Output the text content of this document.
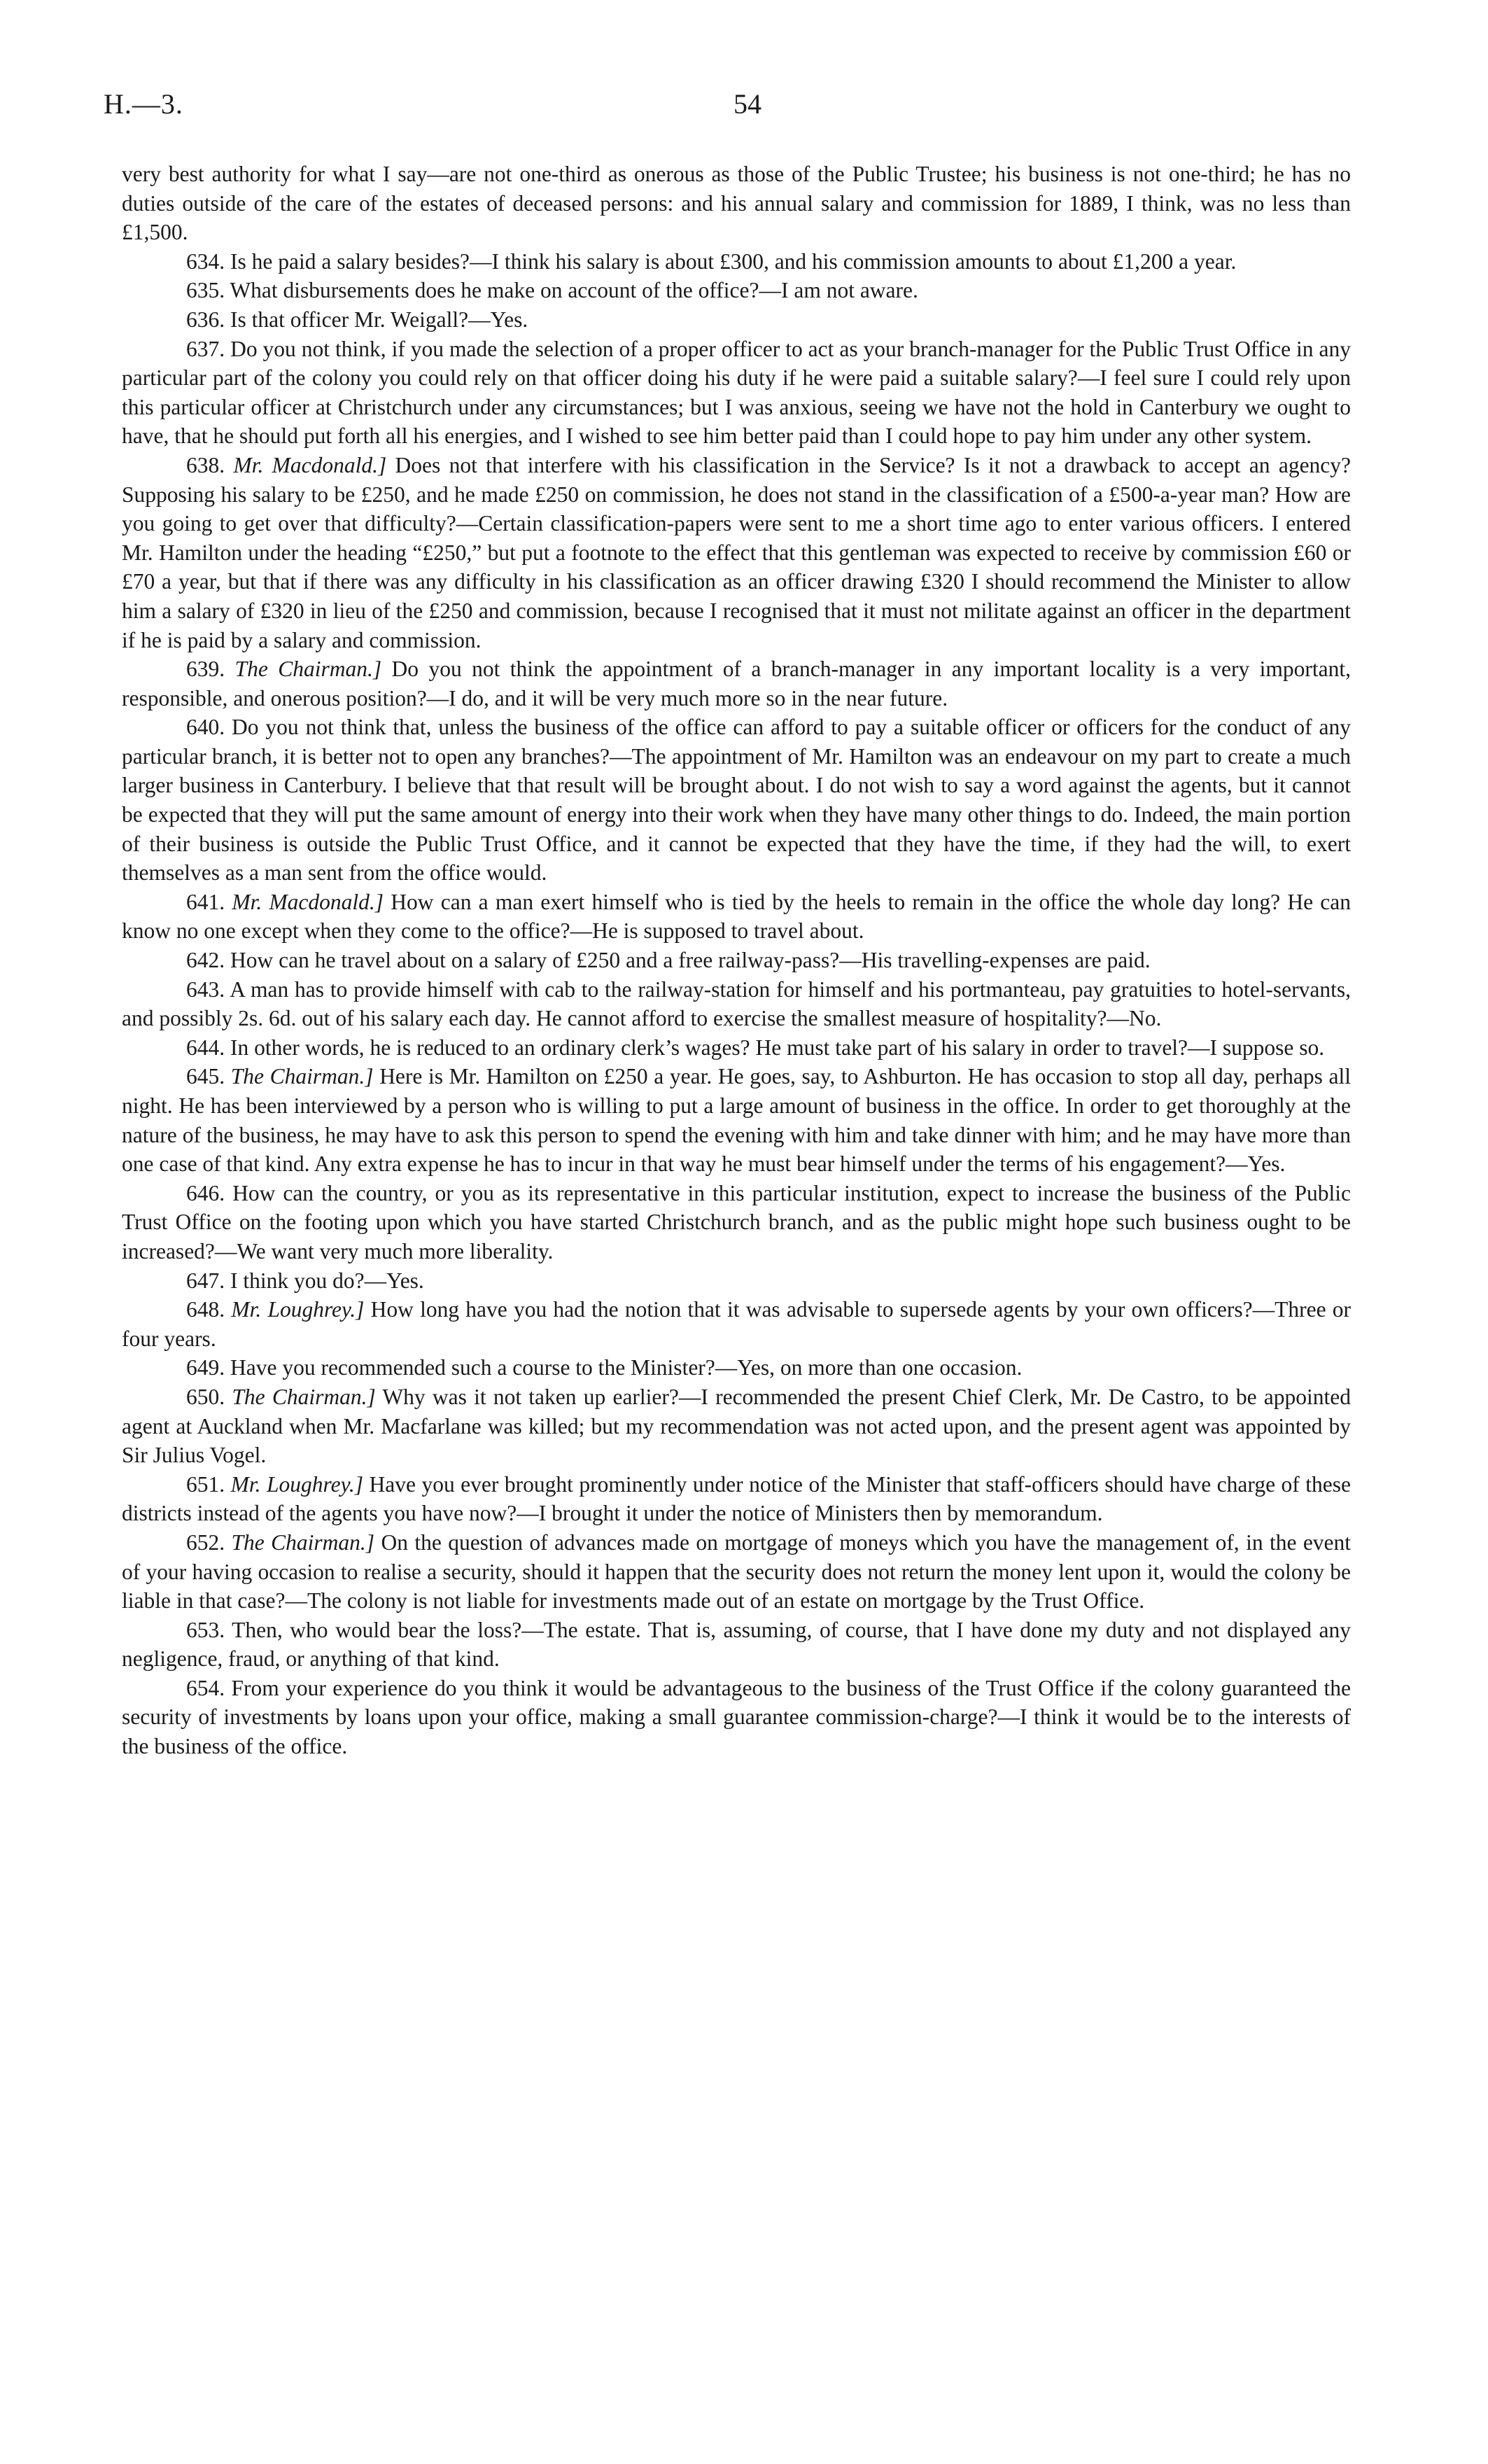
H.—3.	54

very best authority for what I say—are not one-third as onerous as those of the Public Trustee; his business is not one-third; he has no duties outside of the care of the estates of deceased persons: and his annual salary and commission for 1889, I think, was no less than £1,500.

634. Is he paid a salary besides?—I think his salary is about £300, and his commission amounts to about £1,200 a year.

635. What disbursements does he make on account of the office?—I am not aware.

636. Is that officer Mr. Weigall?—Yes.

637. Do you not think, if you made the selection of a proper officer to act as your branch-manager for the Public Trust Office in any particular part of the colony you could rely on that officer doing his duty if he were paid a suitable salary?—I feel sure I could rely upon this particular officer at Christchurch under any circumstances; but I was anxious, seeing we have not the hold in Canterbury we ought to have, that he should put forth all his energies, and I wished to see him better paid than I could hope to pay him under any other system.

638. Mr. Macdonald.] Does not that interfere with his classification in the Service? Is it not a drawback to accept an agency? Supposing his salary to be £250, and he made £250 on commission, he does not stand in the classification of a £500-a-year man? How are you going to get over that difficulty?—Certain classification-papers were sent to me a short time ago to enter various officers. I entered Mr. Hamilton under the heading “£250,” but put a footnote to the effect that this gentleman was expected to receive by commission £60 or £70 a year, but that if there was any difficulty in his classification as an officer drawing £320 I should recommend the Minister to allow him a salary of £320 in lieu of the £250 and commission, because I recognised that it must not militate against an officer in the department if he is paid by a salary and commission.

639. The Chairman.] Do you not think the appointment of a branch-manager in any important locality is a very important, responsible, and onerous position?—I do, and it will be very much more so in the near future.

640. Do you not think that, unless the business of the office can afford to pay a suitable officer or officers for the conduct of any particular branch, it is better not to open any branches?—The appointment of Mr. Hamilton was an endeavour on my part to create a much larger business in Canterbury. I believe that that result will be brought about. I do not wish to say a word against the agents, but it cannot be expected that they will put the same amount of energy into their work when they have many other things to do. Indeed, the main portion of their business is outside the Public Trust Office, and it cannot be expected that they have the time, if they had the will, to exert themselves as a man sent from the office would.

641. Mr. Macdonald.] How can a man exert himself who is tied by the heels to remain in the office the whole day long? He can know no one except when they come to the office?—He is supposed to travel about.

642. How can he travel about on a salary of £250 and a free railway-pass?—His travelling-expenses are paid.

643. A man has to provide himself with cab to the railway-station for himself and his portmanteau, pay gratuities to hotel-servants, and possibly 2s. 6d. out of his salary each day. He cannot afford to exercise the smallest measure of hospitality?—No.

644. In other words, he is reduced to an ordinary clerk’s wages? He must take part of his salary in order to travel?—I suppose so.

645. The Chairman.] Here is Mr. Hamilton on £250 a year. He goes, say, to Ashburton. He has occasion to stop all day, perhaps all night. He has been interviewed by a person who is willing to put a large amount of business in the office. In order to get thoroughly at the nature of the business, he may have to ask this person to spend the evening with him and take dinner with him; and he may have more than one case of that kind. Any extra expense he has to incur in that way he must bear himself under the terms of his engagement?—Yes.

646. How can the country, or you as its representative in this particular institution, expect to increase the business of the Public Trust Office on the footing upon which you have started Christchurch branch, and as the public might hope such business ought to be increased?—We want very much more liberality.

647. I think you do?—Yes.

648. Mr. Loughrey.] How long have you had the notion that it was advisable to supersede agents by your own officers?—Three or four years.

649. Have you recommended such a course to the Minister?—Yes, on more than one occasion.

650. The Chairman.] Why was it not taken up earlier?—I recommended the present Chief Clerk, Mr. De Castro, to be appointed agent at Auckland when Mr. Macfarlane was killed; but my recommendation was not acted upon, and the present agent was appointed by Sir Julius Vogel.

651. Mr. Loughrey.] Have you ever brought prominently under notice of the Minister that staff-officers should have charge of these districts instead of the agents you have now?—I brought it under the notice of Ministers then by memorandum.

652. The Chairman.] On the question of advances made on mortgage of moneys which you have the management of, in the event of your having occasion to realise a security, should it happen that the security does not return the money lent upon it, would the colony be liable in that case?—The colony is not liable for investments made out of an estate on mortgage by the Trust Office.

653. Then, who would bear the loss?—The estate. That is, assuming, of course, that I have done my duty and not displayed any negligence, fraud, or anything of that kind.

654. From your experience do you think it would be advantageous to the business of the Trust Office if the colony guaranteed the security of investments by loans upon your office, making a small guarantee commission-charge?—I think it would be to the interests of the business of the office.
